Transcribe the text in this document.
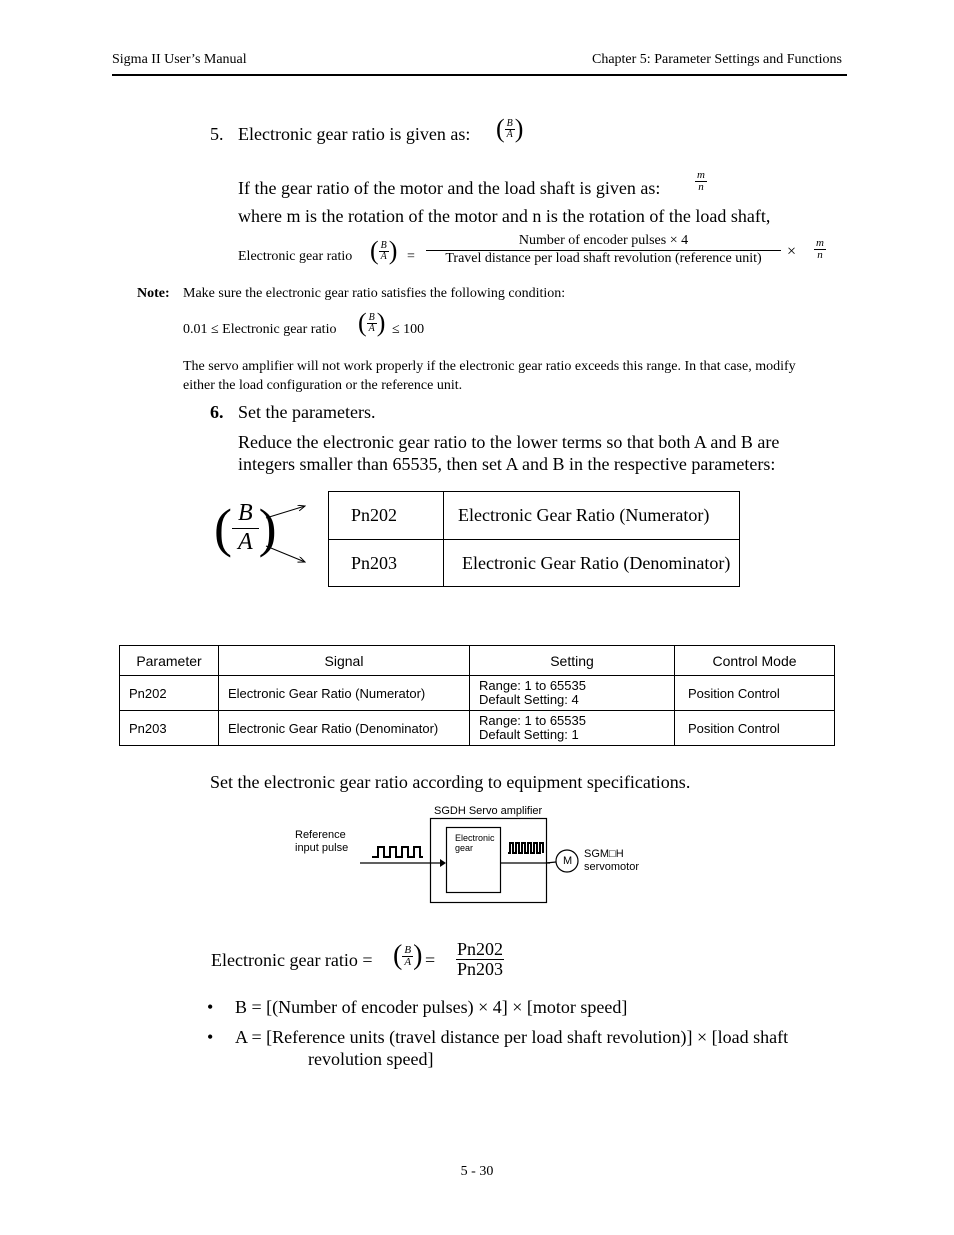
Sigma II User’s Manual	Chapter 5: Parameter Settings and Functions
5. Electronic gear ratio is given as: ( $\frac{B}{A}$ )
If the gear ratio of the motor and the load shaft is given as:	$\frac{m}{n}$
where m is the rotation of the motor and n is the rotation of the load shaft,
Electronic gear ratio ( $\frac{B}{A}$ ) =
Number of encoder pulses × 4
Travel distance per load shaft revolution (reference unit)	× $\frac{m}{n}$
Note: Make sure the electronic gear ratio satisfies the following condition:
0.01 ≤ Electronic gear ratio ( $\frac{B}{A}$ ) ≤ 100
The servo amplifier will not work properly if the electronic gear ratio exceeds this range. In that case, modify either the load configuration or the reference unit.
6. Set the parameters.
Reduce the electronic gear ratio to the lower terms so that both A and B are integers smaller than 65535, then set A and B in the respective parameters:
( $\frac{B}{A}$ )	Pn202	Electronic Gear Ratio (Numerator)
Pn203	Electronic Gear Ratio (Denominator)
Parameter	Signal	Setting	Control Mode
Pn202	Electronic Gear Ratio (Numerator)	Range: 1 to 65535
Default Setting: 4	Position Control
Pn203	Electronic Gear Ratio (Denominator)	Range: 1 to 65535
Default Setting: 1	Position Control
Set the electronic gear ratio according to equipment specifications.
SGDH Servo amplifier
Reference
input pulse
Electronic
gear
M
SGM□H
servomotor
Electronic gear ratio = ( $\frac{B}{A}$ ) = $\frac{Pn202}{Pn203}$
• B = [(Number of encoder pulses) × 4] × [motor speed]
• A = [Reference units (travel distance per load shaft revolution)] × [load shaft
revolution speed]
5 - 30
